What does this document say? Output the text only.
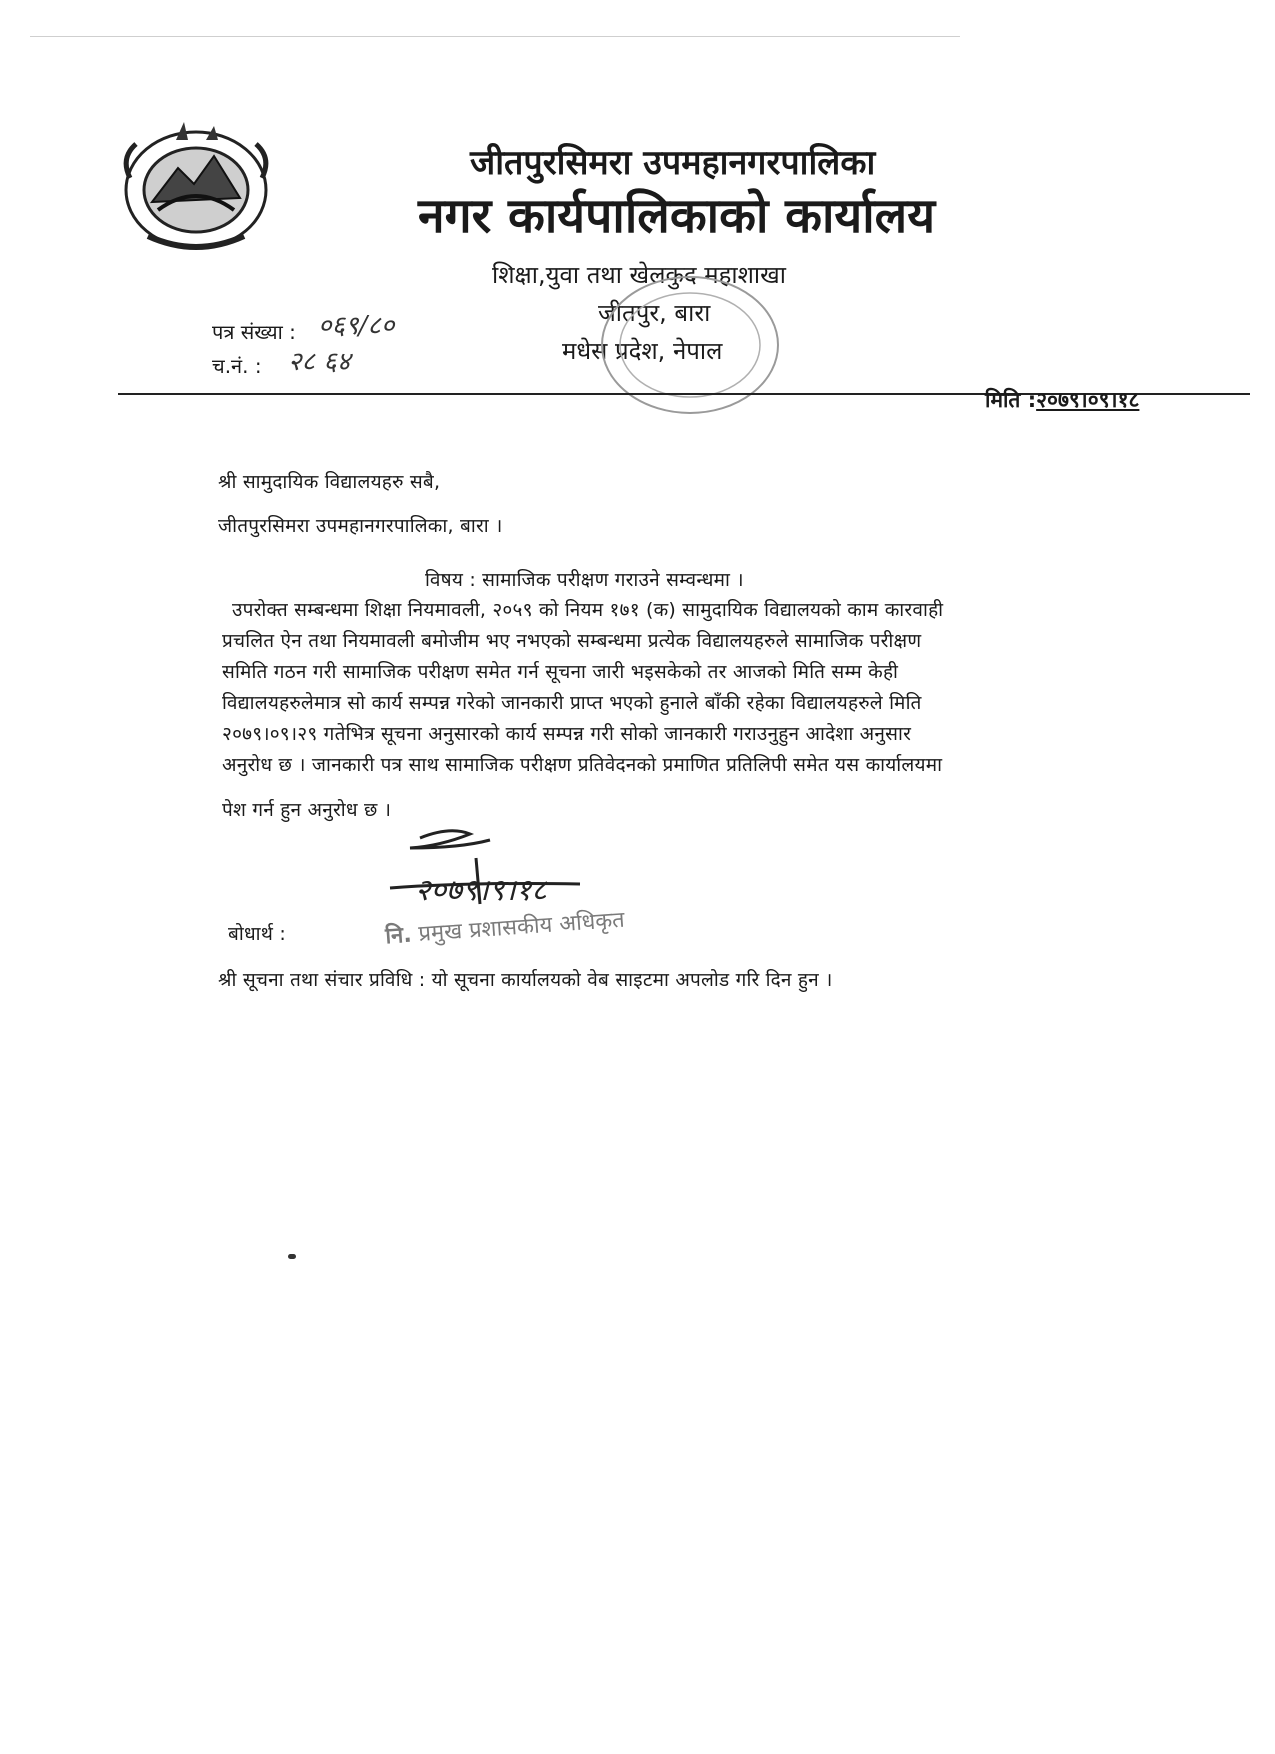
जीतपुरसिमरा उपमहानगरपालिका
नगर कार्यपालिकाको कार्यालय
शिक्षा,युवा तथा खेलकुद महाशाखा
जीतपुर, बारा
मधेस प्रदेश, नेपाल
पत्र संख्या : ०६९/८०
च.नं. : २८ ६४
मिति :२०७९।०९।१८
श्री सामुदायिक विद्यालयहरु सबै,
जीतपुरसिमरा उपमहानगरपालिका, बारा ।
विषय : सामाजिक परीक्षण गराउने सम्वन्धमा ।
उपरोक्त सम्बन्धमा शिक्षा नियमावली, २०५९ को नियम १७१ (क) सामुदायिक विद्यालयको काम कारवाही
प्रचलित ऐन तथा नियमावली बमोजीम भए नभएको सम्बन्धमा प्रत्येक विद्यालयहरुले सामाजिक परीक्षण
समिति गठन गरी सामाजिक परीक्षण समेत गर्न सूचना जारी भइसकेको तर आजको मिति सम्म केही
विद्यालयहरुलेमात्र सो कार्य सम्पन्न गरेको जानकारी प्राप्त भएको हुनाले बाँकी रहेका विद्यालयहरुले मिति
२०७९।०९।२९ गतेभित्र सूचना अनुसारको कार्य सम्पन्न गरी सोको जानकारी गराउनुहुन आदेशा अनुसार
अनुरोध छ । जानकारी पत्र साथ सामाजिक परीक्षण प्रतिवेदनको प्रमाणित प्रतिलिपी समेत यस कार्यालयमा
पेश गर्न हुन अनुरोध छ ।
२०७९।९।१८
नि. प्रमुख प्रशासकीय अधिकृत
बोधार्थ :
श्री सूचना तथा संचार प्रविधि : यो सूचना कार्यालयको वेब साइटमा अपलोड गरि दिन हुन ।
